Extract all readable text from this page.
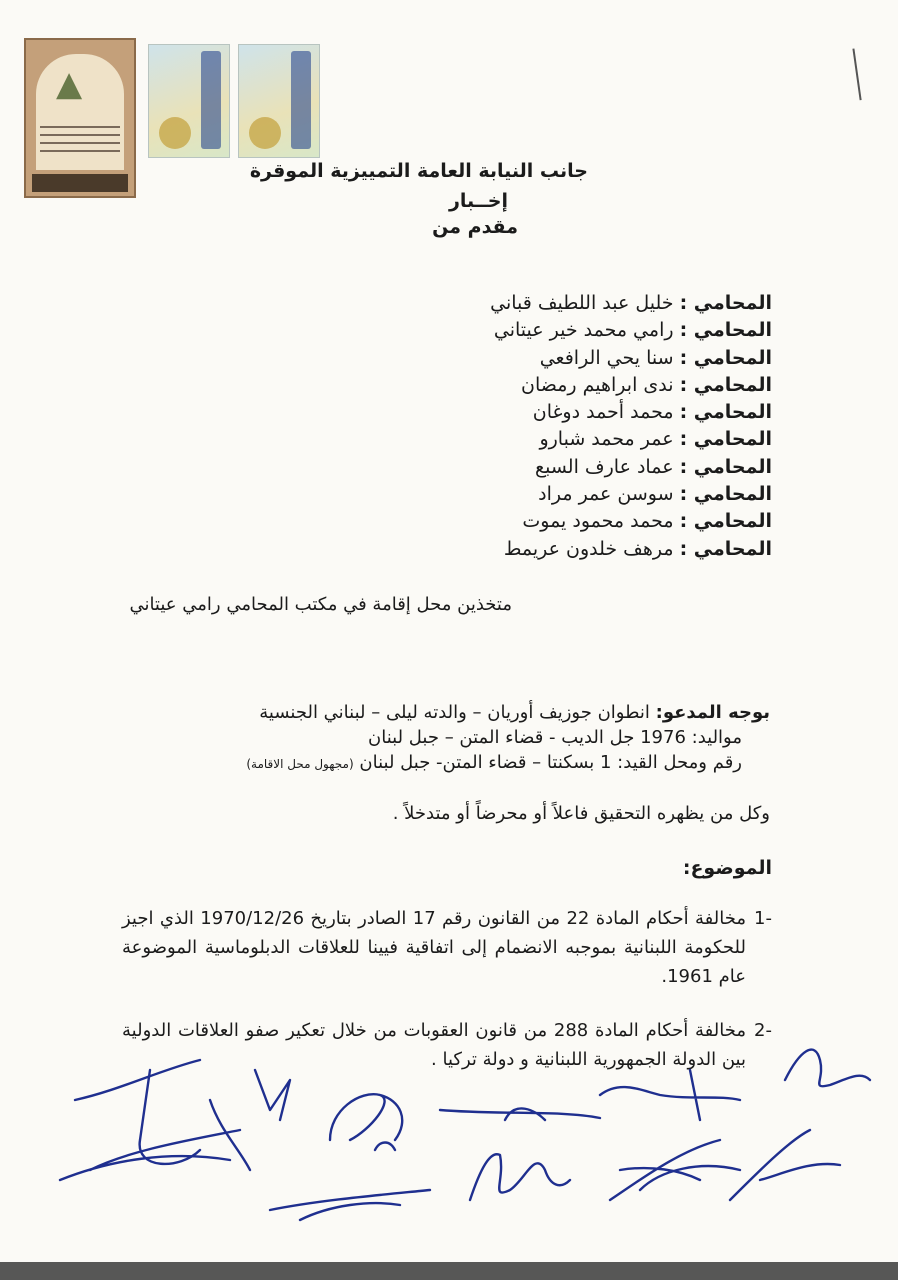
▲
جانب النيابة العامة التمييزية الموقرة
إخــبار
مقدم من
المحامي : خليل عبد اللطيف قباني
المحامي : رامي محمد خير عيتاني
المحامي : سنا يحي الرافعي
المحامي : ندى ابراهيم رمضان
المحامي : محمد أحمد دوغان
المحامي : عمر محمد شبارو
المحامي : عماد عارف السبع
المحامي : سوسن عمر مراد
المحامي : محمد محمود يموت
المحامي : مرهف خلدون عريمط
متخذين محل إقامة في مكتب المحامي رامي عيتاني
بوجه المدعو: انطوان جوزيف أوريان – والدته ليلى – لبناني الجنسية
مواليد: 1976 جل الديب - قضاء المتن – جبل لبنان
رقم ومحل القيد: 1 بسكنتا – قضاء المتن- جبل لبنان (مجهول محل الاقامة)
وكل من يظهره التحقيق فاعلاً أو محرضاً أو متدخلاً .
الموضوع:
-1
مخالفة أحكام المادة 22 من القانون رقم 17 الصادر بتاريخ 1970/12/26 الذي اجيز للحكومة اللبنانية بموجبه الانضمام إلى اتفاقية فيينا للعلاقات الدبلوماسية الموضوعة عام 1961.
-2
مخالفة أحكام المادة 288 من قانون العقوبات من خلال تعكير صفو العلاقات الدولية بين الدولة الجمهورية اللبنانية و دولة تركيا .
